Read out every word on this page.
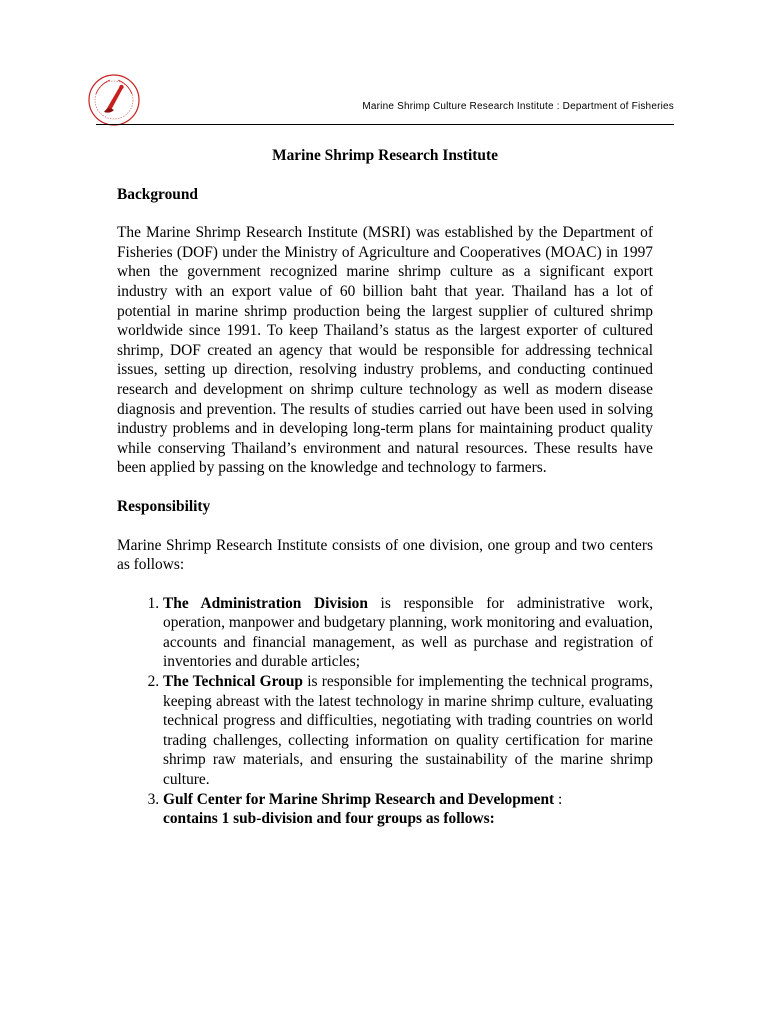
Marine Shrimp Culture Research Institute : Department of Fisheries
Marine Shrimp Research Institute
Background
The Marine Shrimp Research Institute (MSRI) was established by the Department of Fisheries (DOF) under the Ministry of Agriculture and Cooperatives (MOAC) in 1997 when the government recognized marine shrimp culture as a significant export industry with an export value of 60 billion baht that year. Thailand has a lot of potential in marine shrimp production being the largest supplier of cultured shrimp worldwide since 1991. To keep Thailand’s status as the largest exporter of cultured shrimp, DOF created an agency that would be responsible for addressing technical issues, setting up direction, resolving industry problems, and conducting continued research and development on shrimp culture technology as well as modern disease diagnosis and prevention. The results of studies carried out have been used in solving industry problems and in developing long-term plans for maintaining product quality while conserving Thailand’s environment and natural resources. These results have been applied by passing on the knowledge and technology to farmers.
Responsibility
Marine Shrimp Research Institute consists of one division, one group and two centers as follows:
1. The Administration Division is responsible for administrative work, operation, manpower and budgetary planning, work monitoring and evaluation, accounts and financial management, as well as purchase and registration of inventories and durable articles;
2. The Technical Group is responsible for implementing the technical programs, keeping abreast with the latest technology in marine shrimp culture, evaluating technical progress and difficulties, negotiating with trading countries on world trading challenges, collecting information on quality certification for marine shrimp raw materials, and ensuring the sustainability of the marine shrimp culture.
3. Gulf Center for Marine Shrimp Research and Development :
contains 1 sub-division and four groups as follows:
